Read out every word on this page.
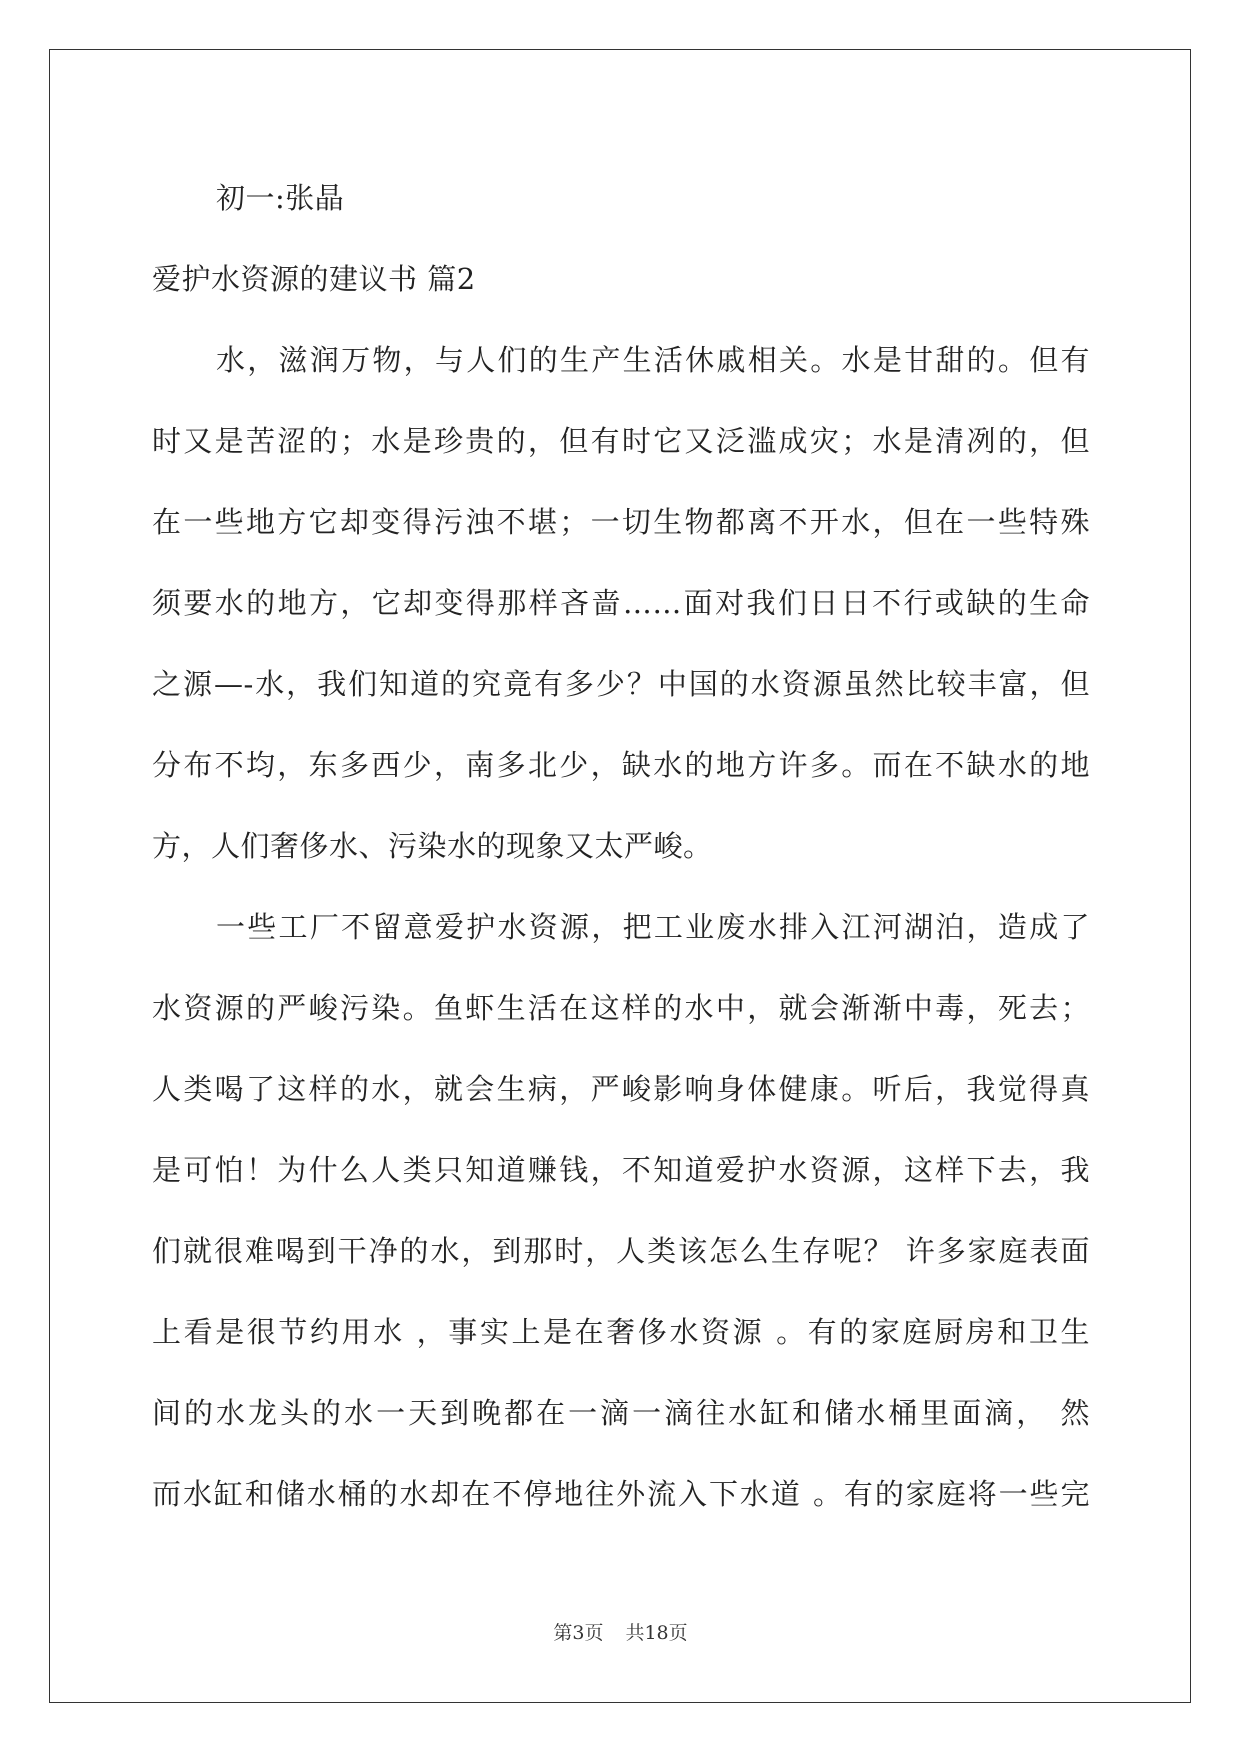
初一:张晶
爱护水资源的建议书 篇2
水，滋润万物，与人们的生产生活休戚相关。水是甘甜的。但有
时又是苦涩的；水是珍贵的，但有时它又泛滥成灾；水是清冽的，但
在一些地方它却变得污浊不堪；一切生物都离不开水，但在一些特殊
须要水的地方，它却变得那样吝啬……面对我们日日不行或缺的生命
之源—-水，我们知道的究竟有多少？中国的水资源虽然比较丰富，但
分布不均，东多西少，南多北少，缺水的地方许多。而在不缺水的地
方，人们奢侈水、污染水的现象又太严峻。
一些工厂不留意爱护水资源，把工业废水排入江河湖泊，造成了
水资源的严峻污染。鱼虾生活在这样的水中，就会渐渐中毒，死去；
人类喝了这样的水，就会生病，严峻影响身体健康。听后，我觉得真
是可怕！为什么人类只知道赚钱，不知道爱护水资源，这样下去，我
们就很难喝到干净的水，到那时，人类该怎么生存呢？ 许多家庭表面
上看是很节约用水 ，事实上是在奢侈水资源 。有的家庭厨房和卫生
间的水龙头的水一天到晚都在一滴一滴往水缸和储水桶里面滴， 然
而水缸和储水桶的水却在不停地往外流入下水道 。有的家庭将一些完
第3页 共18页
